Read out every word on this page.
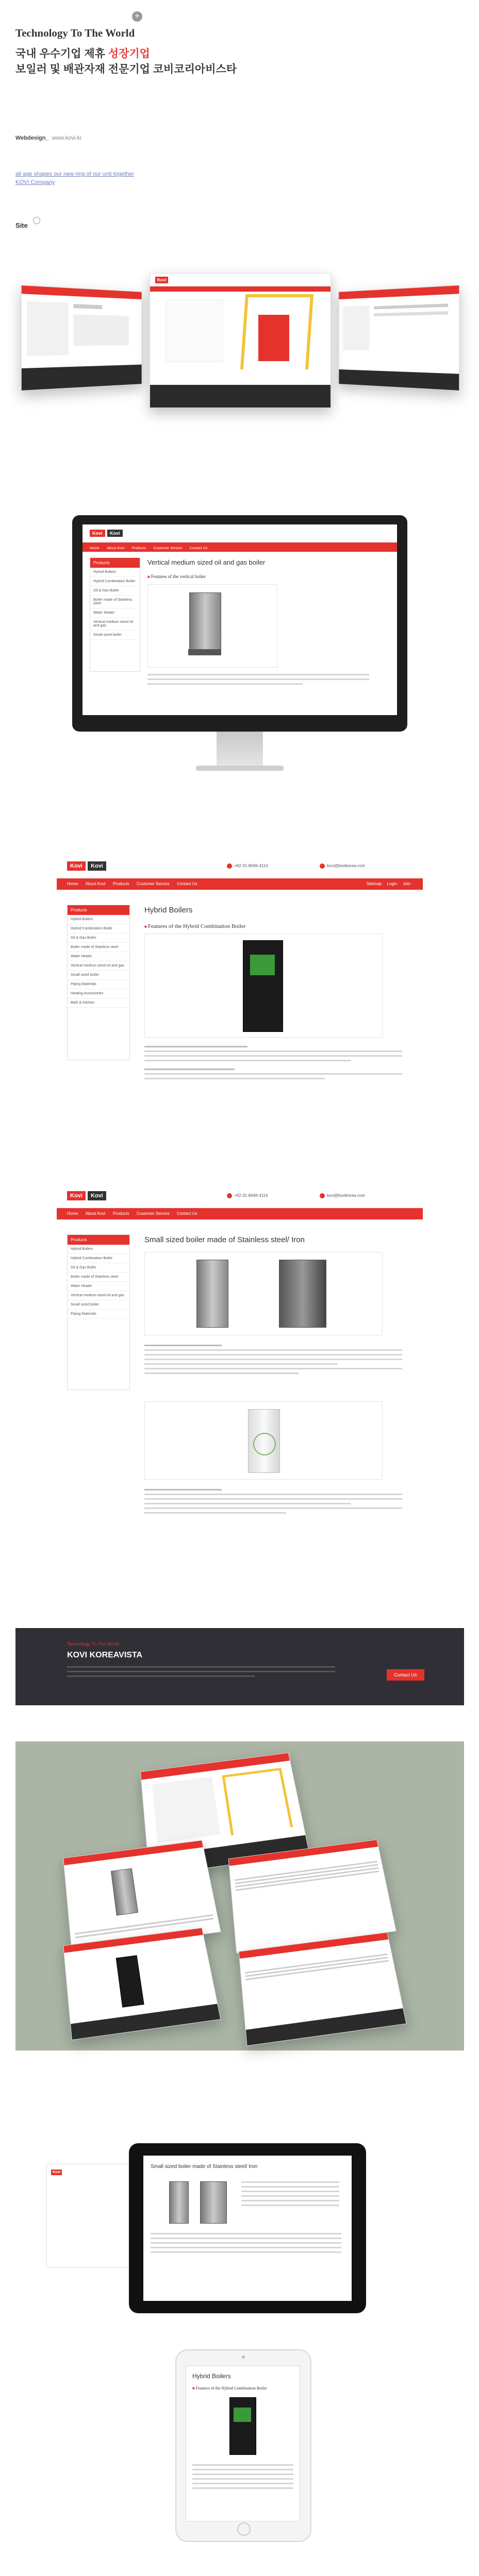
+
Technology To The World
국내 우수기업 제휴 성장기업
보일러 및 배관자재 전문기업 코비코리아비스타
Webdesign_ www.kovi.kr
all age shapes our new ring of our unit together
KOVI Company
Site
Kovi
Kovi	Kovi
Home About Kovi Products Customer Service Contact Us
Products
Hybrid Boilers
Hybrid Combination Boiler
Oil & Gas Boiler
Boiler made of Stainless steel
Water Heater
Vertical medium sized oil and gas
Small sized boiler
Vertical medium sized oil and gas boiler
■ Features of the vertical boiler
Kovi	Kovi	+82-31-8046-4114	kovi@kovikorea.com
Home About Kovi Products Customer Service Contact Us	Sitemap Login Join
Products
Hybrid Boilers
Hybrid Combination Boiler
Oil & Gas Boiler
Boiler made of Stainless steel
Water Heater
Vertical medium sized oil and gas
Small sized boiler
Piping Materials
Heating Accessories
Bath & Kitchen
Hybrid Boilers
■ Features of the Hybrid Combination Boiler
Kovi	Kovi	+82-31-8046-4114	kovi@kovikorea.com
Home About Kovi Products Customer Service Contact Us
Products
Hybrid Boilers
Hybrid Combination Boiler
Oil & Gas Boiler
Boiler made of Stainless steel
Water Heater
Vertical medium sized oil and gas
Small sized boiler
Piping Materials
Small sized boiler made of Stainless steel/ Iron
Technology To The World
KOVI KOREAVISTA
Contact Us
Kovi
Small sized boiler made of Stainless steel/ Iron
Hybrid Boilers
■ Features of the Hybrid Combination Boiler
